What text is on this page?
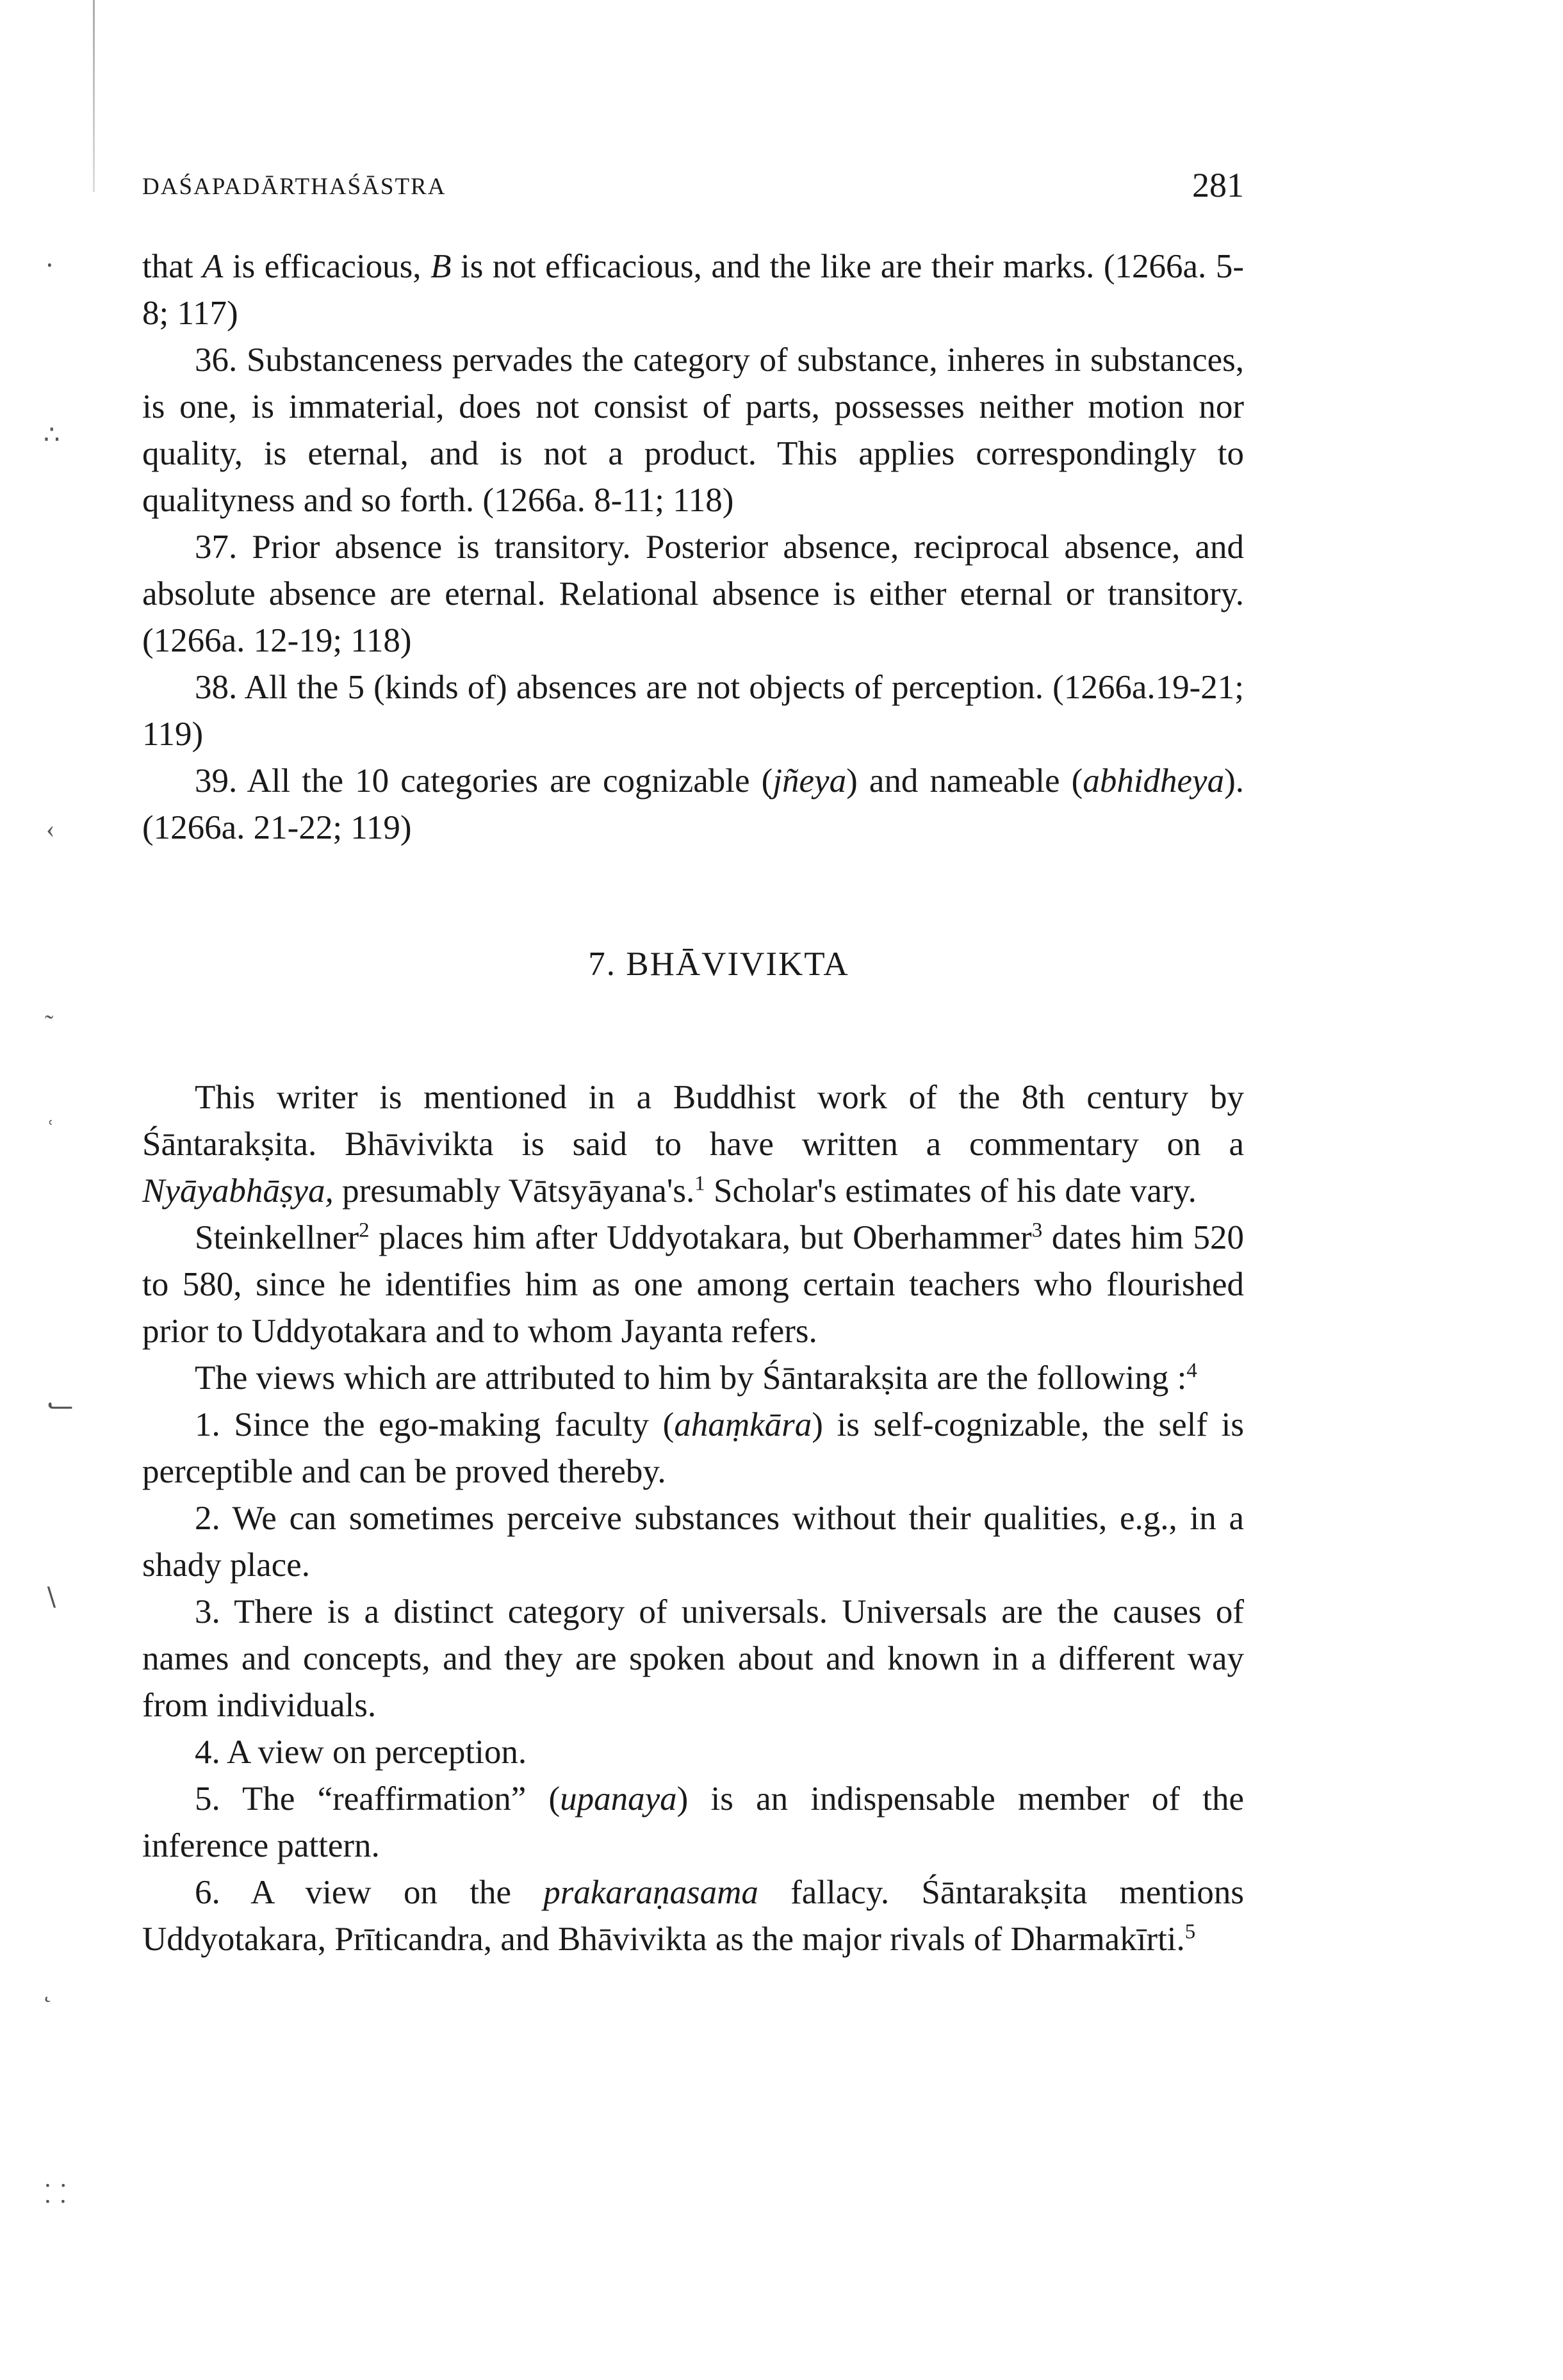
⸱
∴
‹
˜
ʿ
⹃
∖
˛
⸬
DAŚAPADĀRTHAŚĀSTRA	281

that A is efficacious, B is not efficacious, and the like are their marks. (1266a. 5-8; 117)

36. Substanceness pervades the category of substance, inheres in substances, is one, is immaterial, does not consist of parts, possesses neither motion nor quality, is eternal, and is not a product. This applies correspondingly to qualityness and so forth. (1266a. 8-11; 118)

37. Prior absence is transitory. Posterior absence, reciprocal absence, and absolute absence are eternal. Relational absence is either eternal or transitory. (1266a. 12-19; 118)

38. All the 5 (kinds of) absences are not objects of perception. (1266a.19-21; 119)

39. All the 10 categories are cognizable (jñeya) and nameable (abhidheya). (1266a. 21-22; 119)

7. BHĀVIVIKTA

This writer is mentioned in a Buddhist work of the 8th century by Śāntarakṣita. Bhāvivikta is said to have written a commentary on a Nyāyabhāṣya, presumably Vātsyāyana's.$^1$ Scholar's estimates of his date vary.

Steinkellner$^2$ places him after Uddyotakara, but Oberhammer$^3$ dates him 520 to 580, since he identifies him as one among certain teachers who flourished prior to Uddyotakara and to whom Jayanta refers.

The views which are attributed to him by Śāntarakṣita are the following :$^4$

1. Since the ego-making faculty (ahaṃkāra) is self-cognizable, the self is perceptible and can be proved thereby.

2. We can sometimes perceive substances without their qualities, e.g., in a shady place.

3. There is a distinct category of universals. Universals are the causes of names and concepts, and they are spoken about and known in a different way from individuals.

4. A view on perception.

5. The “reaffirmation” (upanaya) is an indispensable member of the inference pattern.

6. A view on the prakaraṇasama fallacy. Śāntarakṣita mentions Uddyotakara, Prīticandra, and Bhāvivikta as the major rivals of Dharmakīrti.$^5$
